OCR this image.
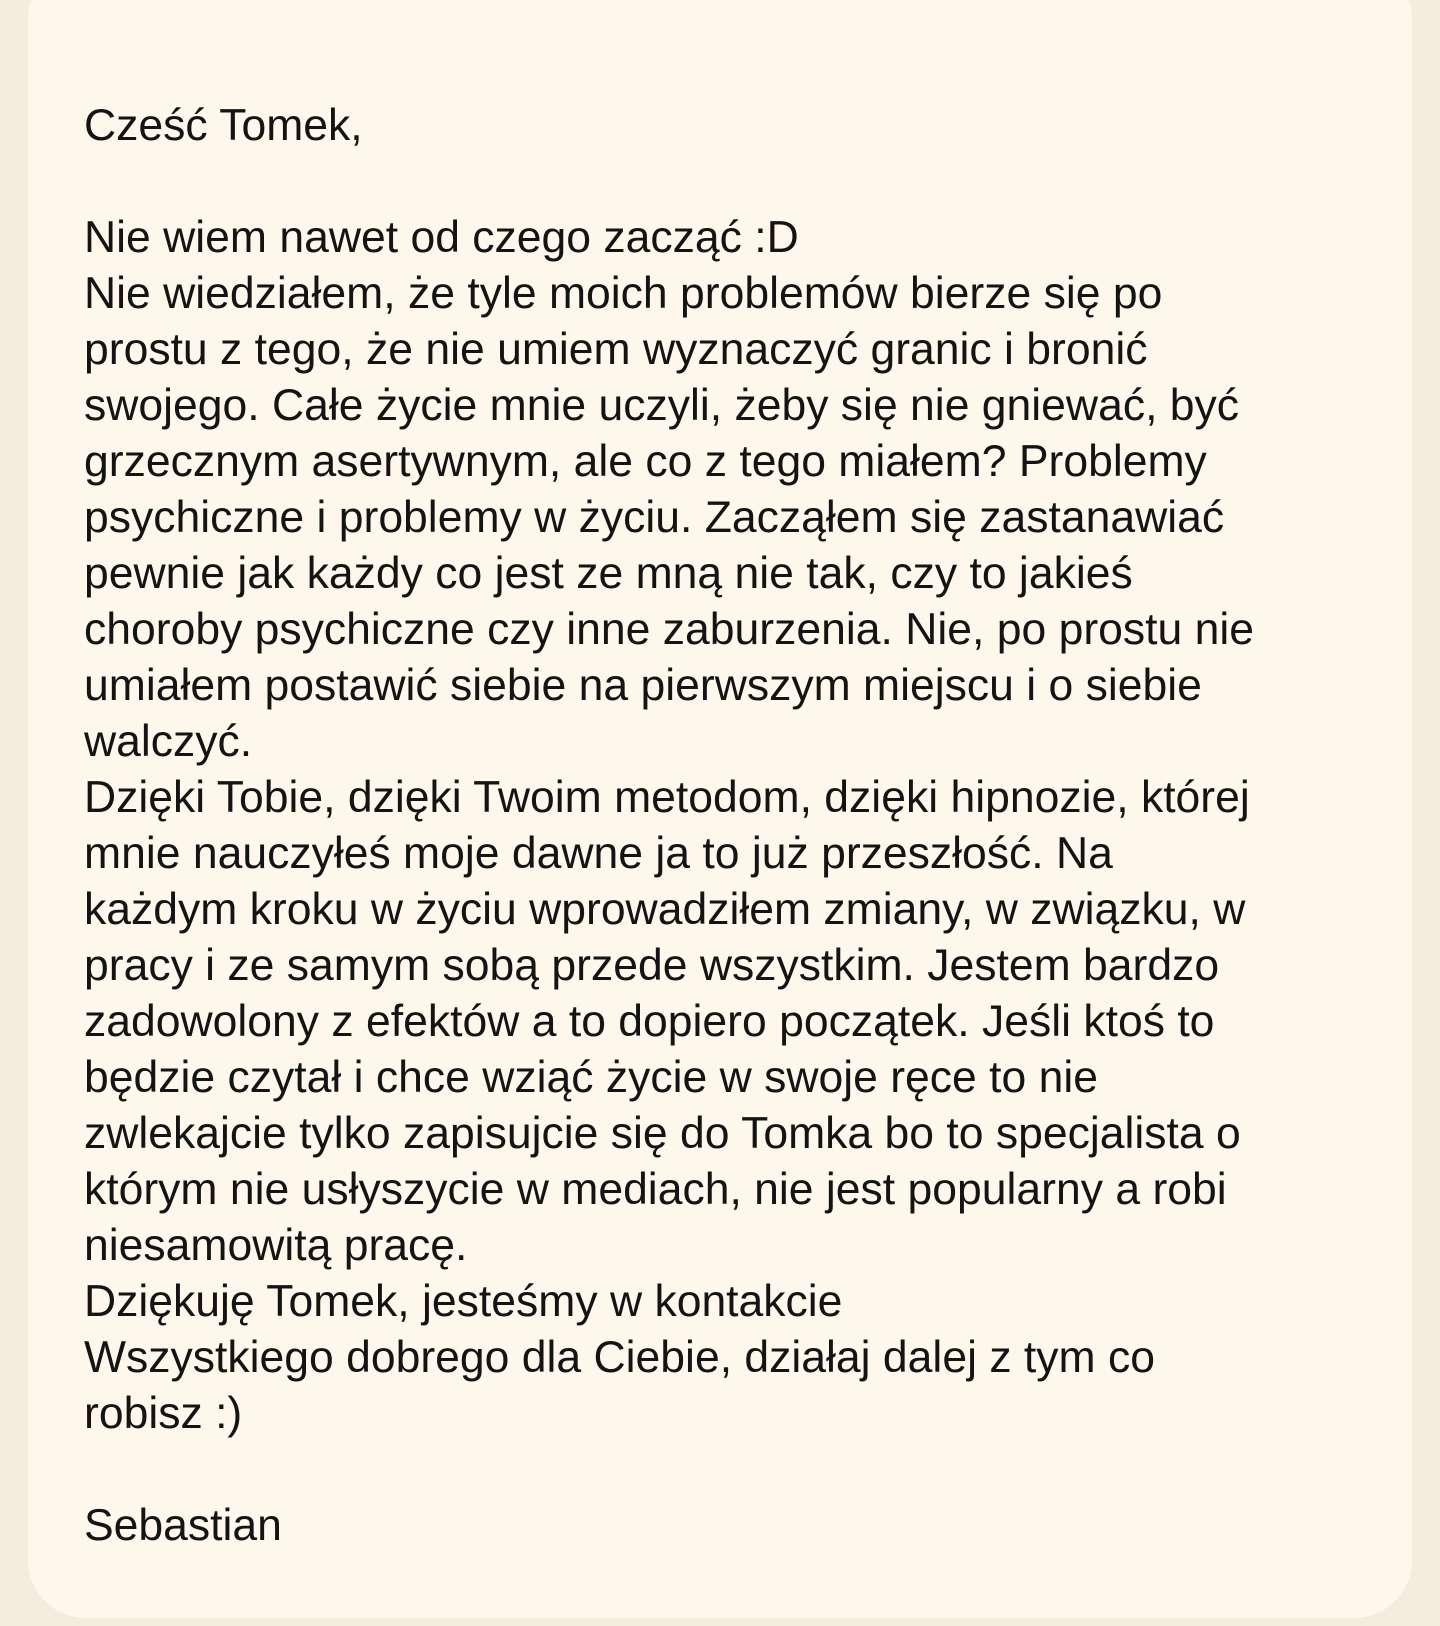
Cześć Tomek,
Nie wiem nawet od czego zacząć :D
Nie wiedziałem, że tyle moich problemów bierze się po
prostu z tego, że nie umiem wyznaczyć granic i bronić
swojego. Całe życie mnie uczyli, żeby się nie gniewać, być
grzecznym asertywnym, ale co z tego miałem? Problemy
psychiczne i problemy w życiu. Zacząłem się zastanawiać
pewnie jak każdy co jest ze mną nie tak, czy to jakieś
choroby psychiczne czy inne zaburzenia. Nie, po prostu nie
umiałem postawić siebie na pierwszym miejscu i o siebie
walczyć.
Dzięki Tobie, dzięki Twoim metodom, dzięki hipnozie, której
mnie nauczyłeś moje dawne ja to już przeszłość. Na
każdym kroku w życiu wprowadziłem zmiany, w związku, w
pracy i ze samym sobą przede wszystkim. Jestem bardzo
zadowolony z efektów a to dopiero początek. Jeśli ktoś to
będzie czytał i chce wziąć życie w swoje ręce to nie
zwlekajcie tylko zapisujcie się do Tomka bo to specjalista o
którym nie usłyszycie w mediach, nie jest popularny a robi
niesamowitą pracę.
Dziękuję Tomek, jesteśmy w kontakcie
Wszystkiego dobrego dla Ciebie, działaj dalej z tym co
robisz :)
Sebastian
